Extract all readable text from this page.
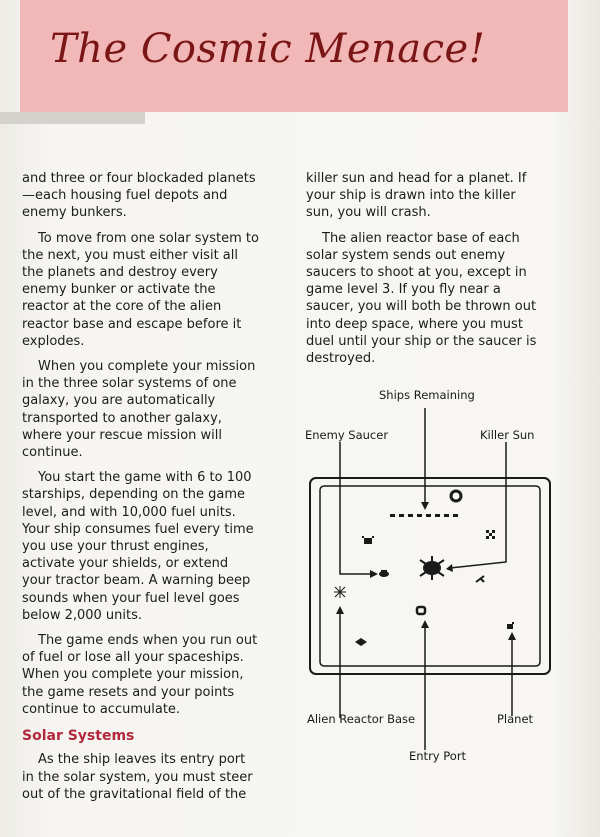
The Cosmic Menace!

and three or four blockaded planets—each housing fuel depots and enemy bunkers.

To move from one solar system to the next, you must either visit all the planets and destroy every enemy bunker or activate the reactor at the core of the alien reactor base and escape before it explodes.

When you complete your mission in the three solar systems of one galaxy, you are automatically transported to another galaxy, where your rescue mission will continue.

You start the game with 6 to 100 starships, depending on the game level, and with 10,000 fuel units. Your ship consumes fuel every time you use your thrust engines, activate your shields, or extend your tractor beam. A warning beep sounds when your fuel level goes below 2,000 units.

The game ends when you run out of fuel or lose all your spaceships. When you complete your mission, the game resets and your points continue to accumulate.

Solar Systems

As the ship leaves its entry port in the solar system, you must steer out of the gravitational field of the

killer sun and head for a planet. If your ship is drawn into the killer sun, you will crash.

The alien reactor base of each solar system sends out enemy saucers to shoot at you, except in game level 3. If you fly near a saucer, you will both be thrown out into deep space, where you must duel until your ship or the saucer is destroyed.

Ships Remaining
Enemy Saucer	Killer Sun
Alien Reactor Base	Planet
Entry Port
